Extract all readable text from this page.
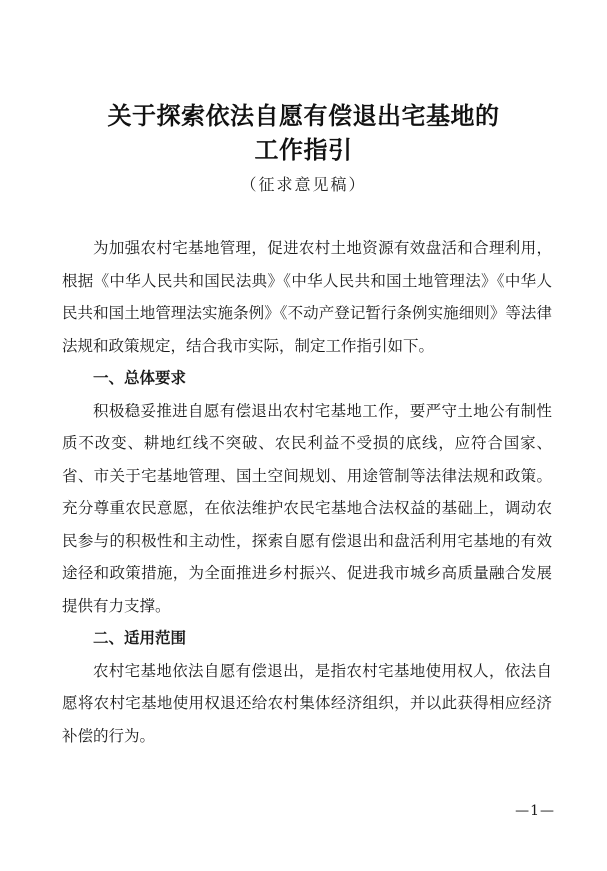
关于探索依法自愿有偿退出宅基地的
工作指引
（征求意见稿）

为加强农村宅基地管理，促进农村土地资源有效盘活和合理利用，根据《中华人民共和国民法典》《中华人民共和国土地管理法》《中华人民共和国土地管理法实施条例》《不动产登记暂行条例实施细则》等法律法规和政策规定，结合我市实际，制定工作指引如下。

一、总体要求

积极稳妥推进自愿有偿退出农村宅基地工作，要严守土地公有制性质不改变、耕地红线不突破、农民利益不受损的底线，应符合国家、省、市关于宅基地管理、国土空间规划、用途管制等法律法规和政策。充分尊重农民意愿，在依法维护农民宅基地合法权益的基础上，调动农民参与的积极性和主动性，探索自愿有偿退出和盘活利用宅基地的有效途径和政策措施，为全面推进乡村振兴、促进我市城乡高质量融合发展提供有力支撑。

二、适用范围

农村宅基地依法自愿有偿退出，是指农村宅基地使用权人，依法自愿将农村宅基地使用权退还给农村集体经济组织，并以此获得相应经济补偿的行为。

—1—
